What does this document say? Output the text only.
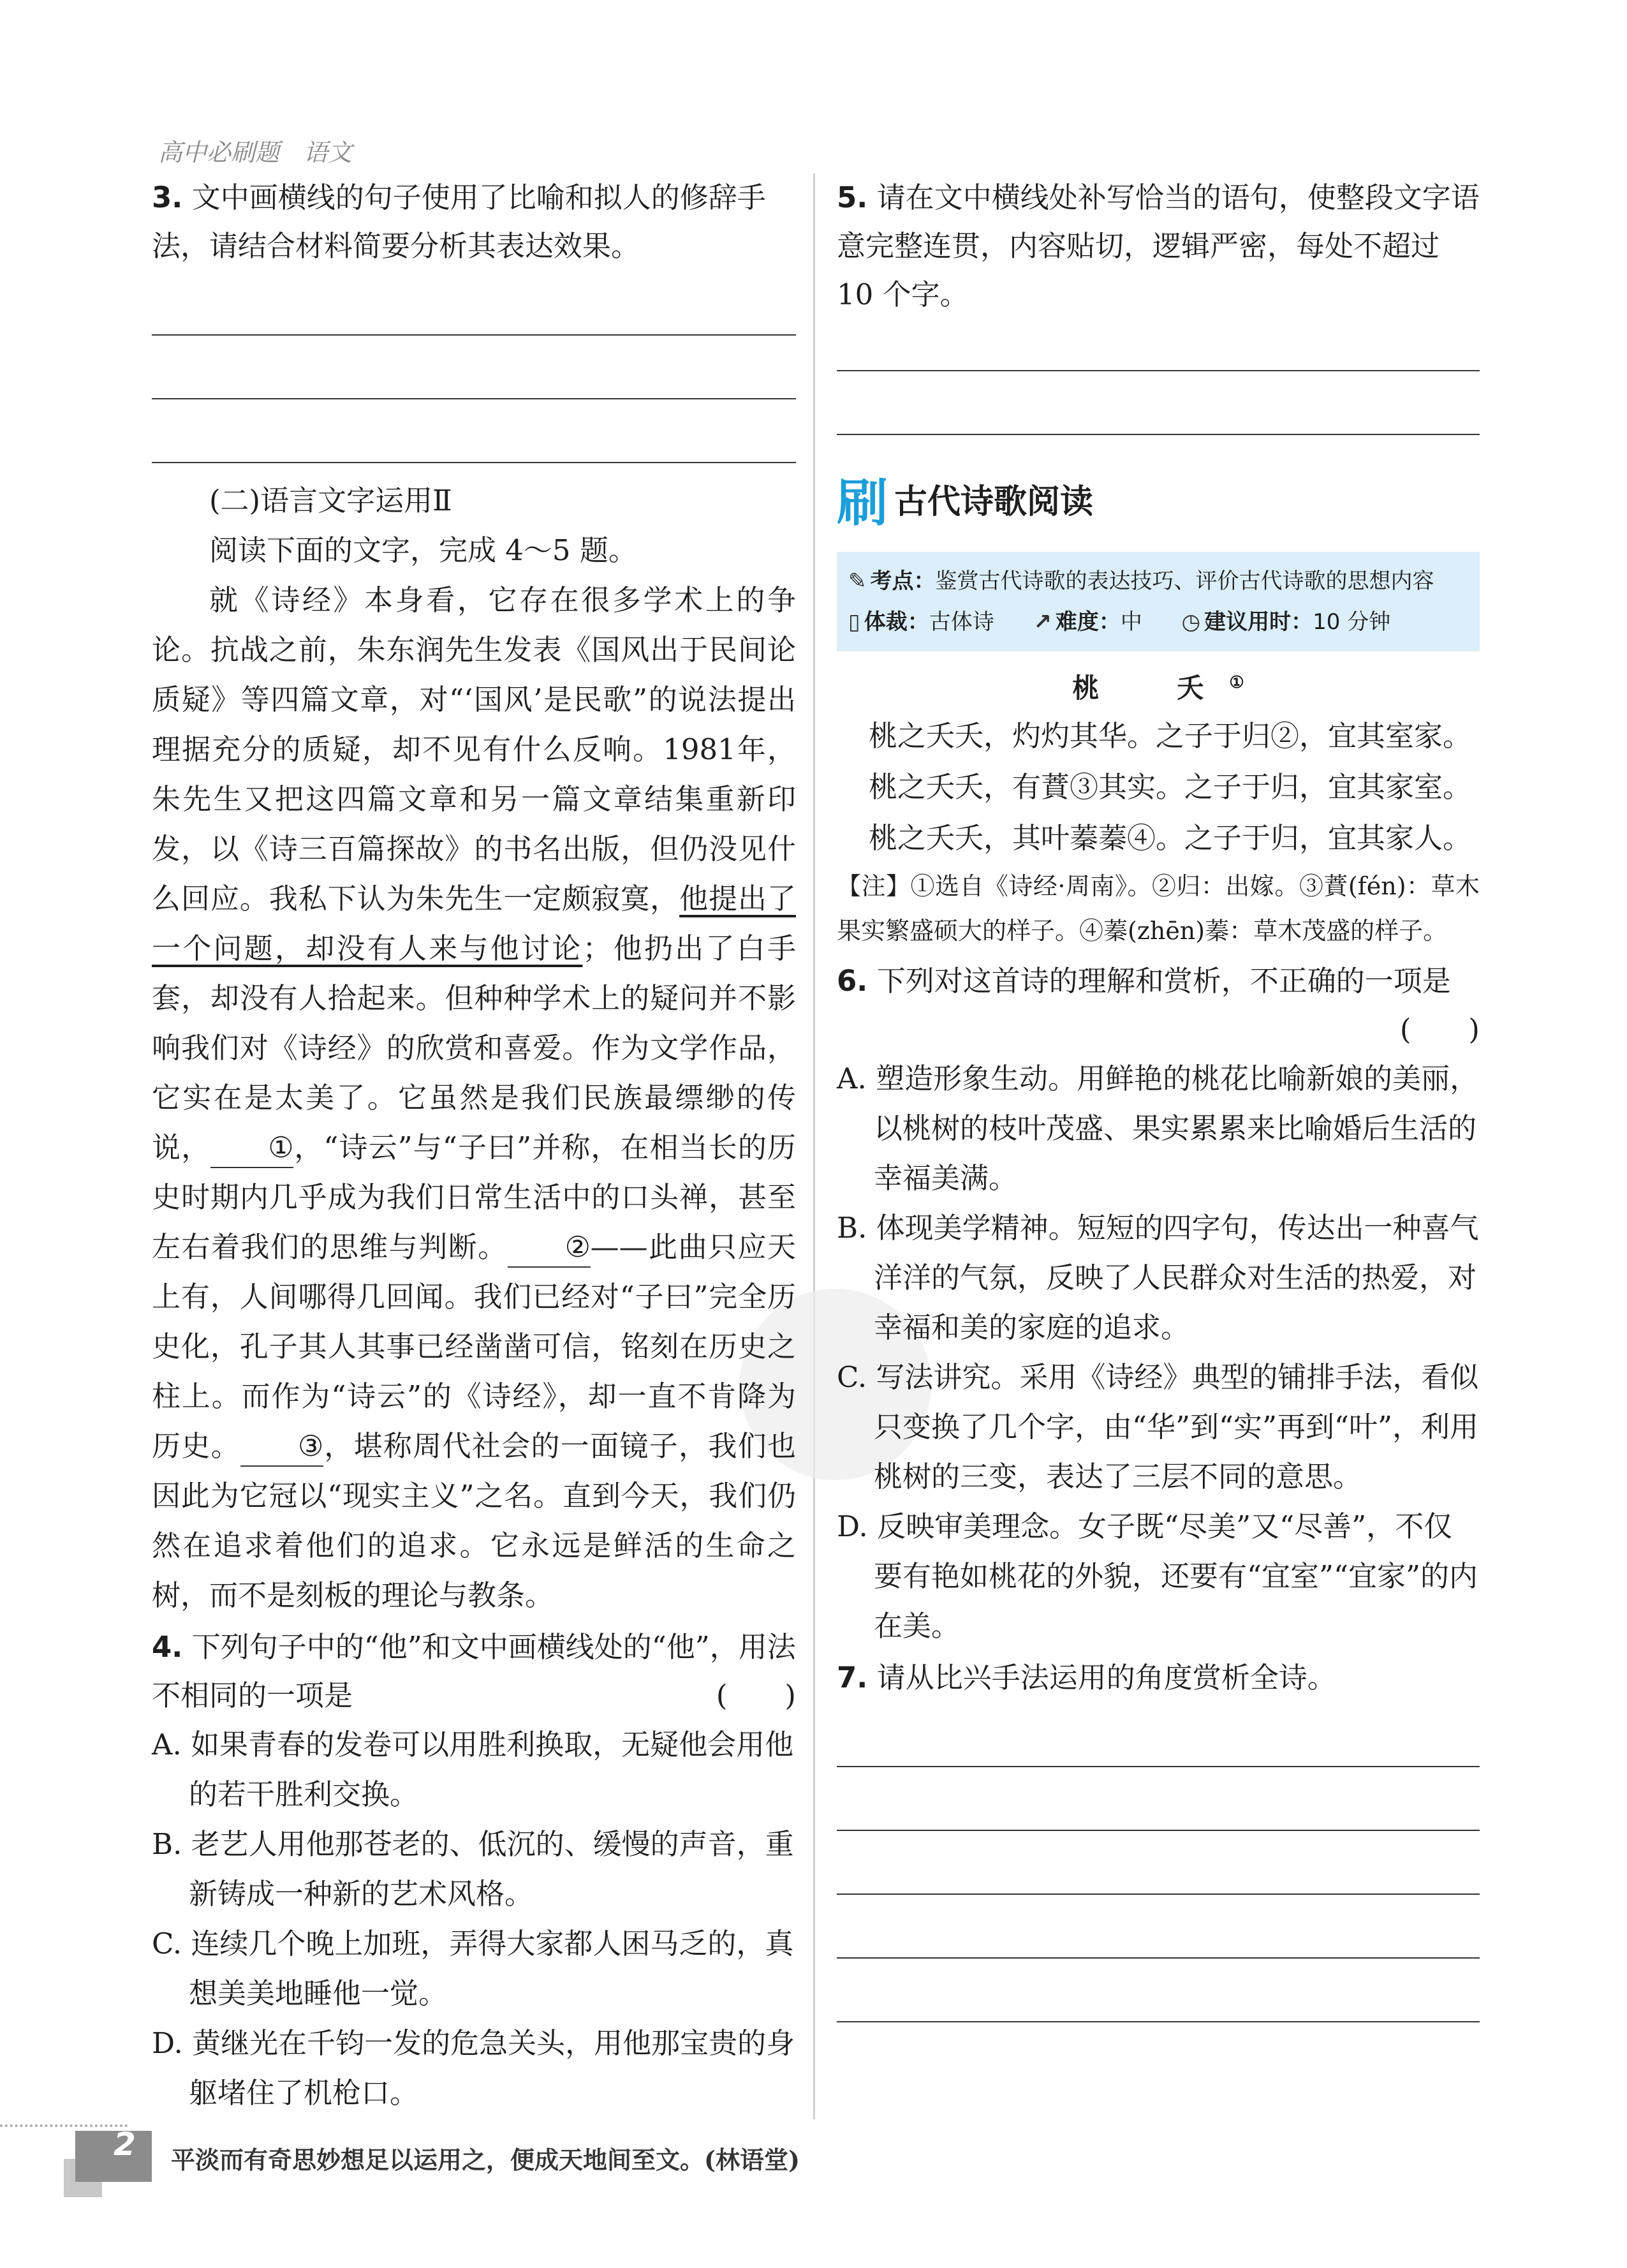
高中必刷题　语文
3. 文中画横线的句子使用了比喻和拟人的修辞手法，请结合材料简要分析其表达效果。
(二)语言文字运用Ⅱ
阅读下面的文字，完成 4～5 题。
就《诗经》本身看，它存在很多学术上的争论。抗战之前，朱东润先生发表《国风出于民间论质疑》等四篇文章，对“‘国风’是民歌”的说法提出理据充分的质疑，却不见有什么反响。1981年，朱先生又把这四篇文章和另一篇文章结集重新印发，以《诗三百篇探故》的书名出版，但仍没见什么回应。我私下认为朱先生一定颇寂寞，他提出了一个问题，却没有人来与他讨论；他扔出了白手套，却没有人拾起来。但种种学术上的疑问并不影响我们对《诗经》的欣赏和喜爱。作为文学作品，它实在是太美了。它虽然是我们民族最缥缈的传说， ①，“诗云”与“子曰”并称，在相当长的历史时期内几乎成为我们日常生活中的口头禅，甚至左右着我们的思维与判断。 ②——此曲只应天上有，人间哪得几回闻。我们已经对“子曰”完全历史化，孔子其人其事已经凿凿可信，铭刻在历史之柱上。而作为“诗云”的《诗经》，却一直不肯降为历史。 ③，堪称周代社会的一面镜子，我们也因此为它冠以“现实主义”之名。直到今天，我们仍然在追求着他们的追求。它永远是鲜活的生命之树，而不是刻板的理论与教条。
4. 下列句子中的“他”和文中画横线处的“他”，用法不相同的一项是	(　　)
A. 如果青春的发卷可以用胜利换取，无疑他会用他的若干胜利交换。
B. 老艺人用他那苍老的、低沉的、缓慢的声音，重新铸成一种新的艺术风格。
C. 连续几个晚上加班，弄得大家都人困马乏的，真想美美地睡他一觉。
D. 黄继光在千钧一发的危急关头，用他那宝贵的身躯堵住了机枪口。
5. 请在文中横线处补写恰当的语句，使整段文字语意完整连贯，内容贴切，逻辑严密，每处不超过 10 个字。
刷 古代诗歌阅读
✎ 考点：鉴赏古代诗歌的表达技巧、评价古代诗歌的思想内容
▯ 体裁：古体诗 ↗ 难度：中 ◷ 建议用时：10 分钟
桃　夭①
桃之夭夭，灼灼其华。之子于归②，宜其室家。
桃之夭夭，有蕡③其实。之子于归，宜其家室。
桃之夭夭，其叶蓁蓁④。之子于归，宜其家人。
【注】①选自《诗经·周南》。②归：出嫁。③蕡(fén)：草木果实繁盛硕大的样子。④蓁(zhēn)蓁：草木茂盛的样子。
6. 下列对这首诗的理解和赏析，不正确的一项是
(　　)
A. 塑造形象生动。用鲜艳的桃花比喻新娘的美丽，以桃树的枝叶茂盛、果实累累来比喻婚后生活的幸福美满。
B. 体现美学精神。短短的四字句，传达出一种喜气洋洋的气氛，反映了人民群众对生活的热爱，对幸福和美的家庭的追求。
C. 写法讲究。采用《诗经》典型的铺排手法，看似只变换了几个字，由“华”到“实”再到“叶”，利用桃树的三变，表达了三层不同的意思。
D. 反映审美理念。女子既“尽美”又“尽善”，不仅要有艳如桃花的外貌，还要有“宜室”“宜家”的内在美。
7. 请从比兴手法运用的角度赏析全诗。
2 平淡而有奇思妙想足以运用之，便成天地间至文。(林语堂)
